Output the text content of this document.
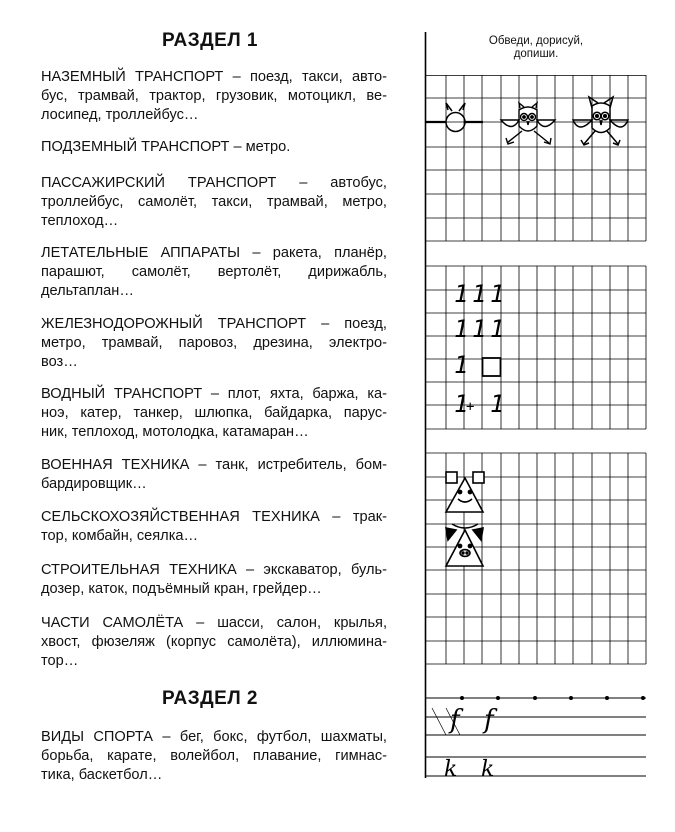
РАЗДЕЛ 1
НАЗЕМНЫЙ ТРАНСПОРТ – поезд, такси, авто-
бус, трамвай, трактор, грузовик, мотоцикл, ве-
лосипед, троллейбус…
ПОДЗЕМНЫЙ ТРАНСПОРТ – метро.
ПАССАЖИРСКИЙ ТРАНСПОРТ – автобус,
троллейбус, самолёт, такси, трамвай, метро,
теплоход…
ЛЕТАТЕЛЬНЫЕ АППАРАТЫ – ракета, планёр,
парашют, самолёт, вертолёт, дирижабль,
дельтаплан…
ЖЕЛЕЗНОДОРОЖНЫЙ ТРАНСПОРТ – поезд,
метро, трамвай, паровоз, дрезина, электро-
воз…
ВОДНЫЙ ТРАНСПОРТ – плот, яхта, баржа, ка-
ноэ, катер, танкер, шлюпка, байдарка, парус-
ник, теплоход, мотолодка, катамаран…
ВОЕННАЯ ТЕХНИКА – танк, истребитель, бом-
бардировщик…
СЕЛЬСКОХОЗЯЙСТВЕННАЯ ТЕХНИКА – трак-
тор, комбайн, сеялка…
СТРОИТЕЛЬНАЯ ТЕХНИКА – экскаватор, буль-
дозер, каток, подъёмный кран, грейдер…
ЧАСТИ САМОЛЁТА – шасси, салон, крылья,
хвост, фюзеляж (корпус самолёта), иллюмина-
тор…
РАЗДЕЛ 2
ВИДЫ СПОРТА – бег, бокс, футбол, шахматы,
борьба, карате, волейбол, плавание, гимнас-
тика, баскетбол…
Обведи, дорисуй,
допиши.
1 1 1
1 1 1
1
1
+ 1
f f
k k
